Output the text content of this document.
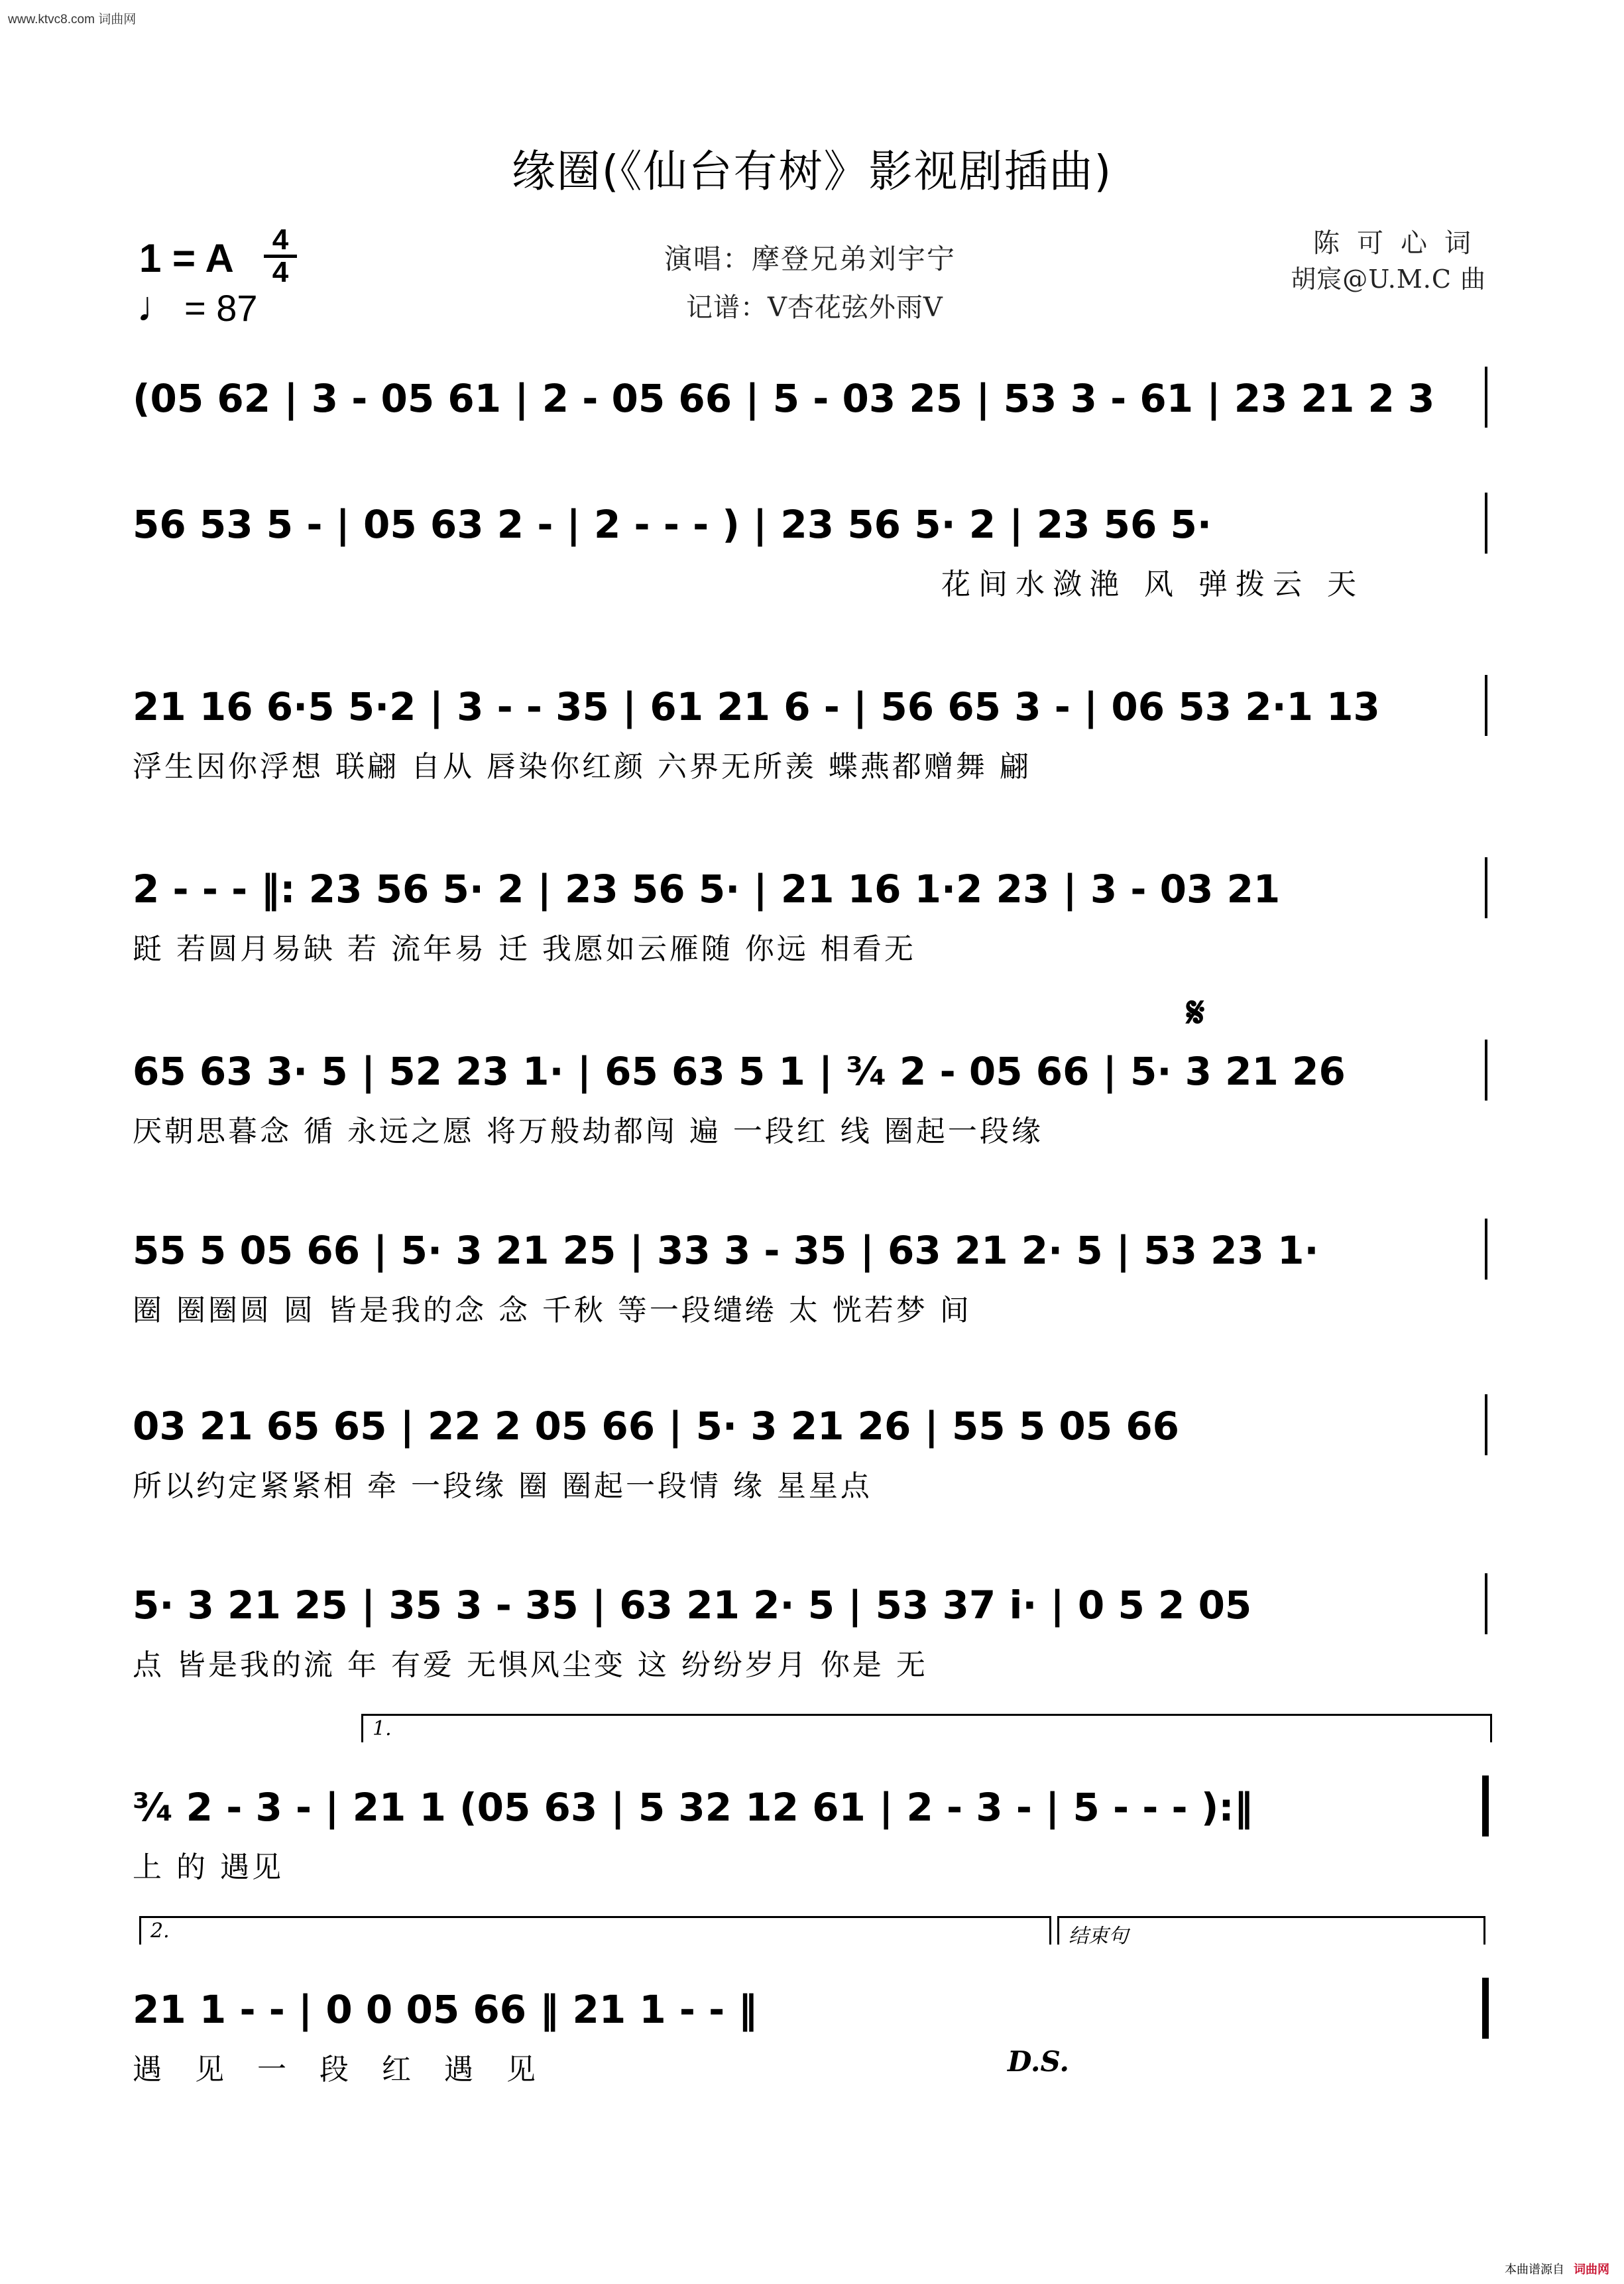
www.ktvc8.com 词曲网
缘圈(《仙台有树》影视剧插曲)
1 = A $\frac{4}{4}$
♩ = 87
演唱：摩登兄弟刘宇宁
记谱：V杏花弦外雨V
陈可心词
胡宸@U.M.C 曲
(05 62 | 3 - 05 61 | 2 - 05 66 | 5 - 03 25 | 53 3 - 61 | 23 21 2 3
56 53 5 - | 05 63 2 - | 2 - - - ) | 23 56 5· 2 | 23 56 5·
花间水潋滟 风 弹拨云 天
21 16 6·5 5·2 | 3 - - 35 | 61 21 6 - | 56 65 3 - | 06 53 2·1 13
浮生因你浮想 联翩 自从 唇染你红颜 六界无所羡 蝶燕都赠舞 翩
2 - - - ‖: 23 56 5· 2 | 23 56 5· | 21 16 1·2 23 | 3 - 03 21
跹 若圆月易缺 若 流年易 迁 我愿如云雁随 你远 相看无
𝄋
65 63 3· 5 | 52 23 1· | 65 63 5 1 | ³⁄₄ 2 - 05 66 | 5· 3 21 26
厌朝思暮念 循 永远之愿 将万般劫都闯 遍 一段红 线 圈起一段缘
55 5 05 66 | 5· 3 21 25 | 33 3 - 35 | 63 21 2· 5 | 53 23 1·
圈 圈圈圆 圆 皆是我的念 念 千秋 等一段缱绻 太 恍若梦 间
03 21 65 65 | 22 2 05 66 | 5· 3 21 26 | 55 5 05 66
所以约定紧紧相 牵 一段缘 圈 圈起一段情 缘 星星点
5· 3 21 25 | 35 3 - 35 | 63 21 2· 5 | 53 37 i· | 0 5 2 05
点 皆是我的流 年 有爱 无惧风尘变 这 纷纷岁月 你是 无
1.
³⁄₄ 2 - 3 - | 21 1 (05 63 | 5 32 12 61 | 2 - 3 - | 5 - - - ):‖
上 的 遇见
2.	结束句
21 1 - - | 0 0 05 66 ‖ 21 1 - - ‖
遇 见 一 段 红 遇 见	D.S.
本曲谱源自 词曲网
